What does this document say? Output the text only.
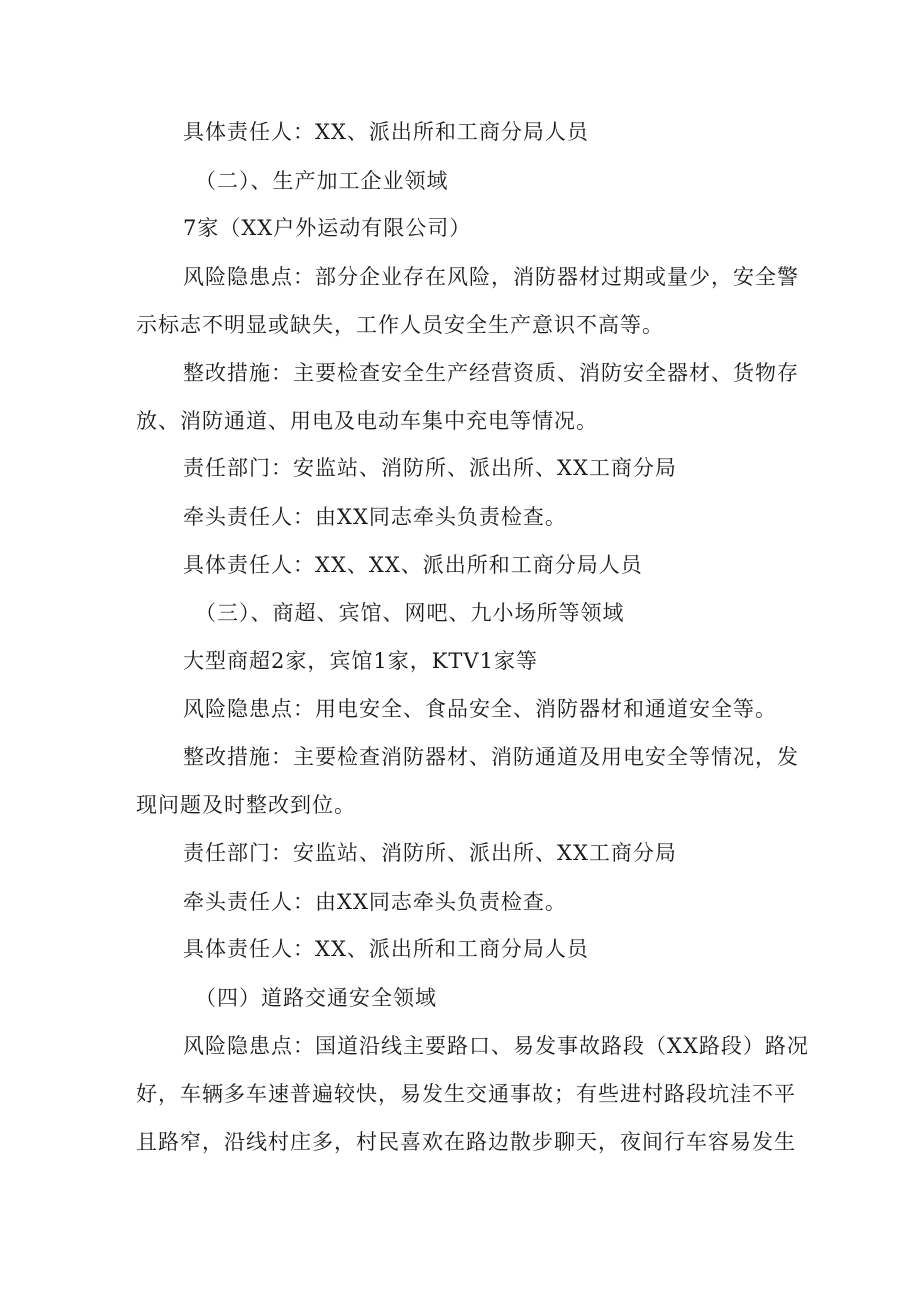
具体责任人：XX、派出所和工商分局人员
（二）、生产加工企业领域
7家（XX户外运动有限公司）
风险隐患点：部分企业存在风险，消防器材过期或量少，安全警
示标志不明显或缺失，工作人员安全生产意识不高等。
整改措施：主要检查安全生产经营资质、消防安全器材、货物存
放、消防通道、用电及电动车集中充电等情况。
责任部门：安监站、消防所、派出所、XX工商分局
牵头责任人：由XX同志牵头负责检查。
具体责任人：XX、XX、派出所和工商分局人员
（三）、商超、宾馆、网吧、九小场所等领域
大型商超2家，宾馆1家，KTV1家等
风险隐患点：用电安全、食品安全、消防器材和通道安全等。
整改措施：主要检查消防器材、消防通道及用电安全等情况，发
现问题及时整改到位。
责任部门：安监站、消防所、派出所、XX工商分局
牵头责任人：由XX同志牵头负责检查。
具体责任人：XX、派出所和工商分局人员
（四）道路交通安全领域
风险隐患点：国道沿线主要路口、易发事故路段（XX路段）路况
好，车辆多车速普遍较快，易发生交通事故；有些进村路段坑洼不平
且路窄，沿线村庄多，村民喜欢在路边散步聊天，夜间行车容易发生
